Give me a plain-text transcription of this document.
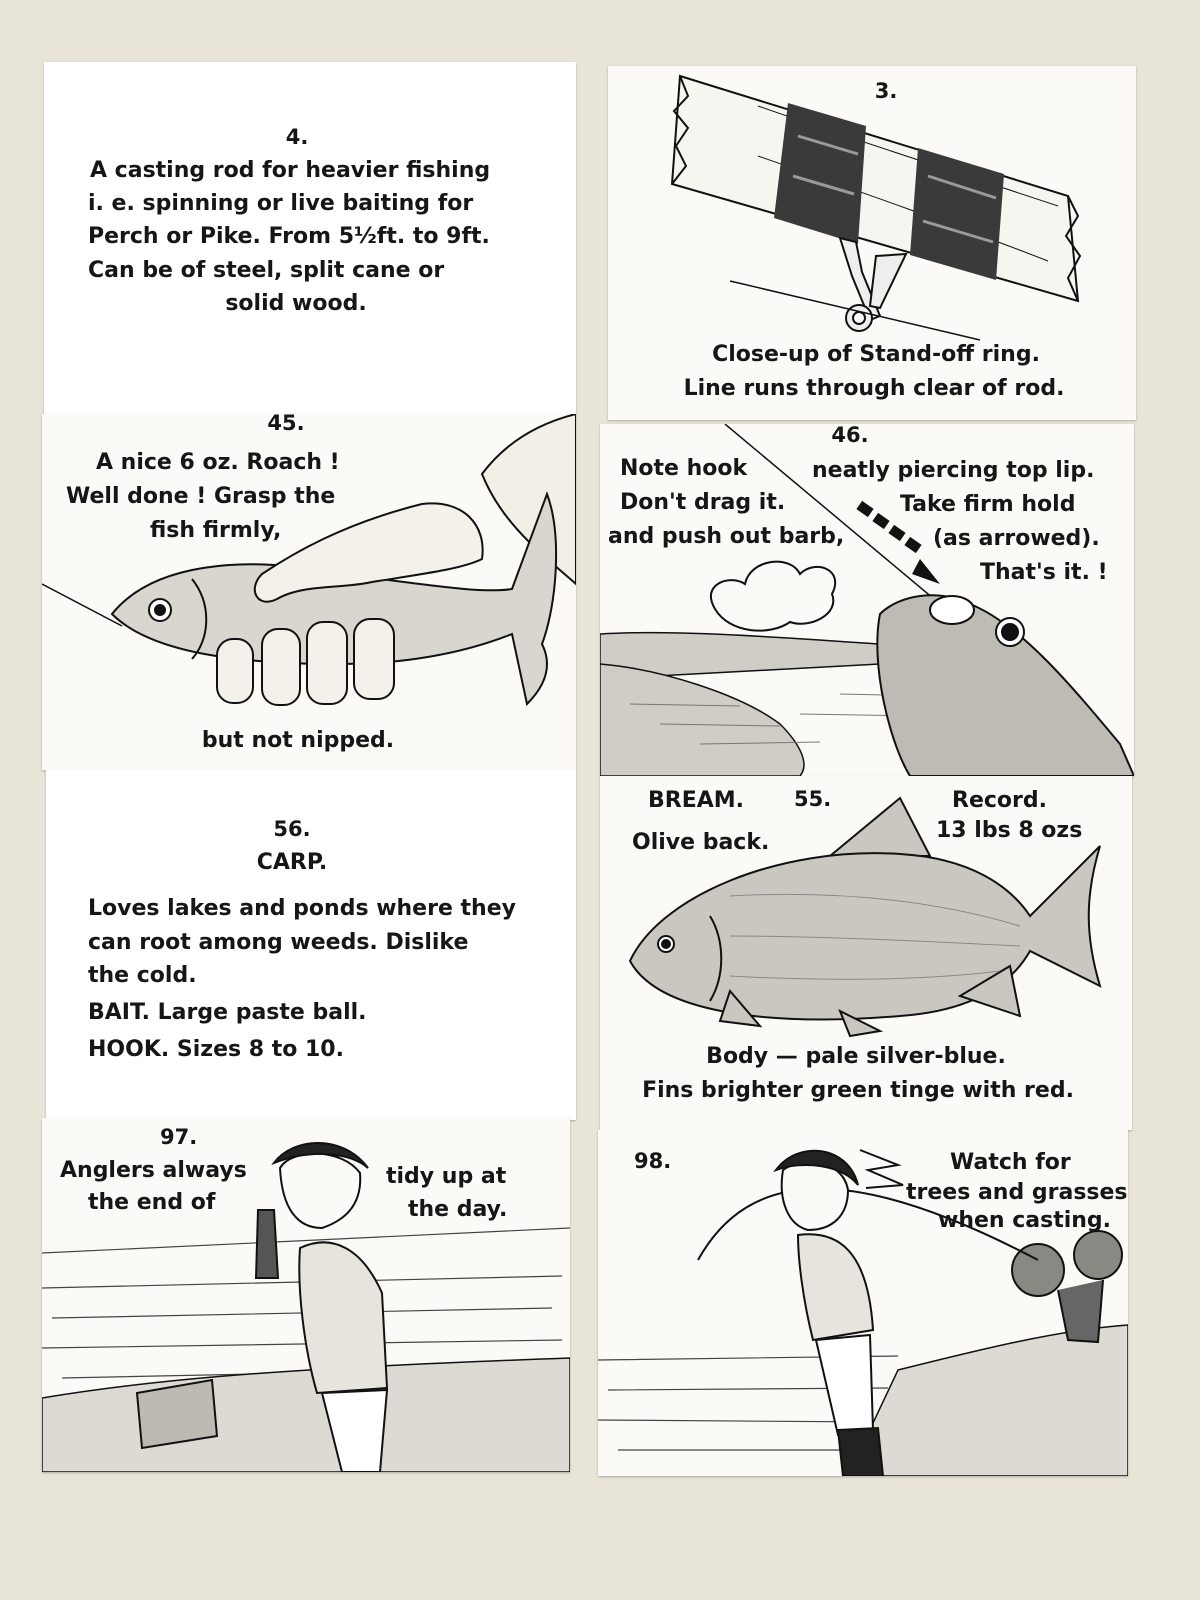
4.
A casting rod for heavier fishing
i. e. spinning or live baiting for
Perch or Pike. From 5½ft. to 9ft.
Can be of steel, split cane or
solid wood.
3.
Close-up of Stand-off ring.
Line runs through clear of rod.
45.
A nice 6 oz. Roach !
Well done ! Grasp the
fish firmly,
but not nipped.
46.
Note hook
Don't drag it.
and push out barb,
neatly piercing top lip.
Take firm hold
(as arrowed).
That's it. !
56.
CARP.
Loves lakes and ponds where they
can root among weeds. Dislike
the cold.
BAIT. Large paste ball.
HOOK. Sizes 8 to 10.
BREAM. 55.	Record.
13 lbs 8 ozs
Olive back.
Body — pale silver-blue.
Fins brighter green tinge with red.
97.
Anglers always
the end of
tidy up at
the day.
98.	Watch for
trees and grasses
when casting.
